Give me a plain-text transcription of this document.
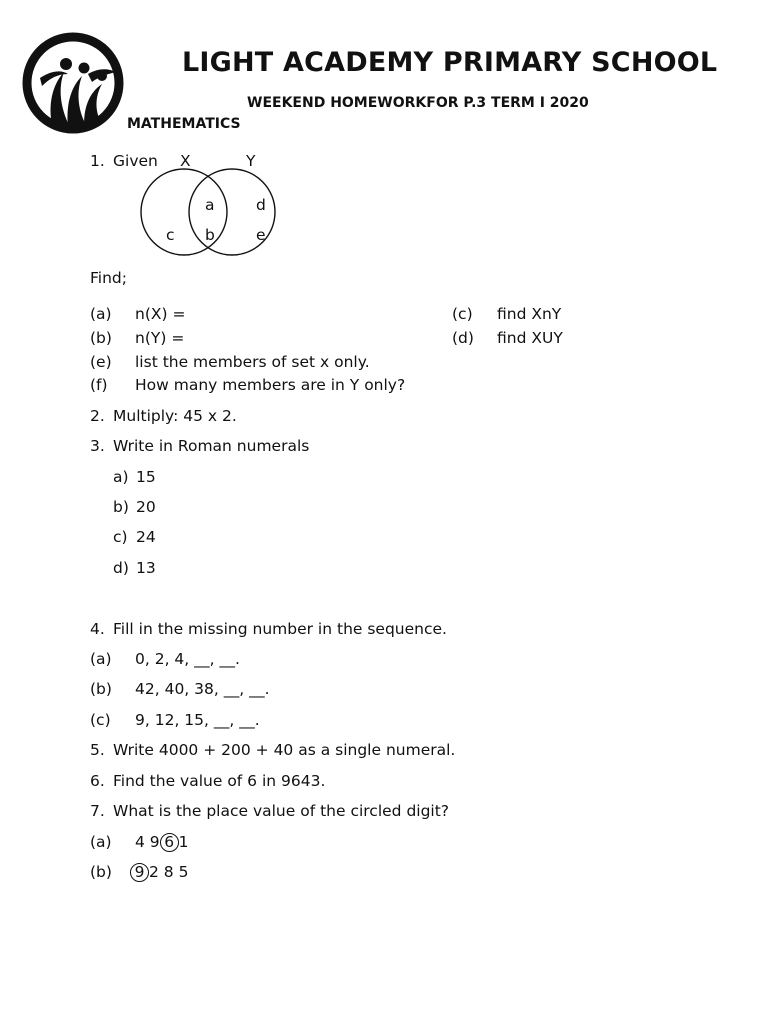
LIGHT ACADEMY PRIMARY SCHOOL
WEEKEND HOMEWORKFOR P.3 TERM I 2020
MATHEMATICS
1. Given X	Y
a	d
c b	e
Find;
(a) n(X) =
(b) n(Y) =
(e) list the members of set x only.
(f) How many members are in Y only?
(c) find XnY
(d) find XUY
2. Multiply: 45 x 2.
3. Write in Roman numerals
a) 15
b) 20
c) 24
d) 13
4. Fill in the missing number in the sequence.
(a) 0, 2, 4, __, __.
(b) 42, 40, 38, __, __.
(c) 9, 12, 15, __, __.
5. Write 4000 + 200 + 40 as a single numeral.
6. Find the value of 6 in 9643.
7. What is the place value of the circled digit?
(a) 4 9 6 1
(b) 9 2 8 5
